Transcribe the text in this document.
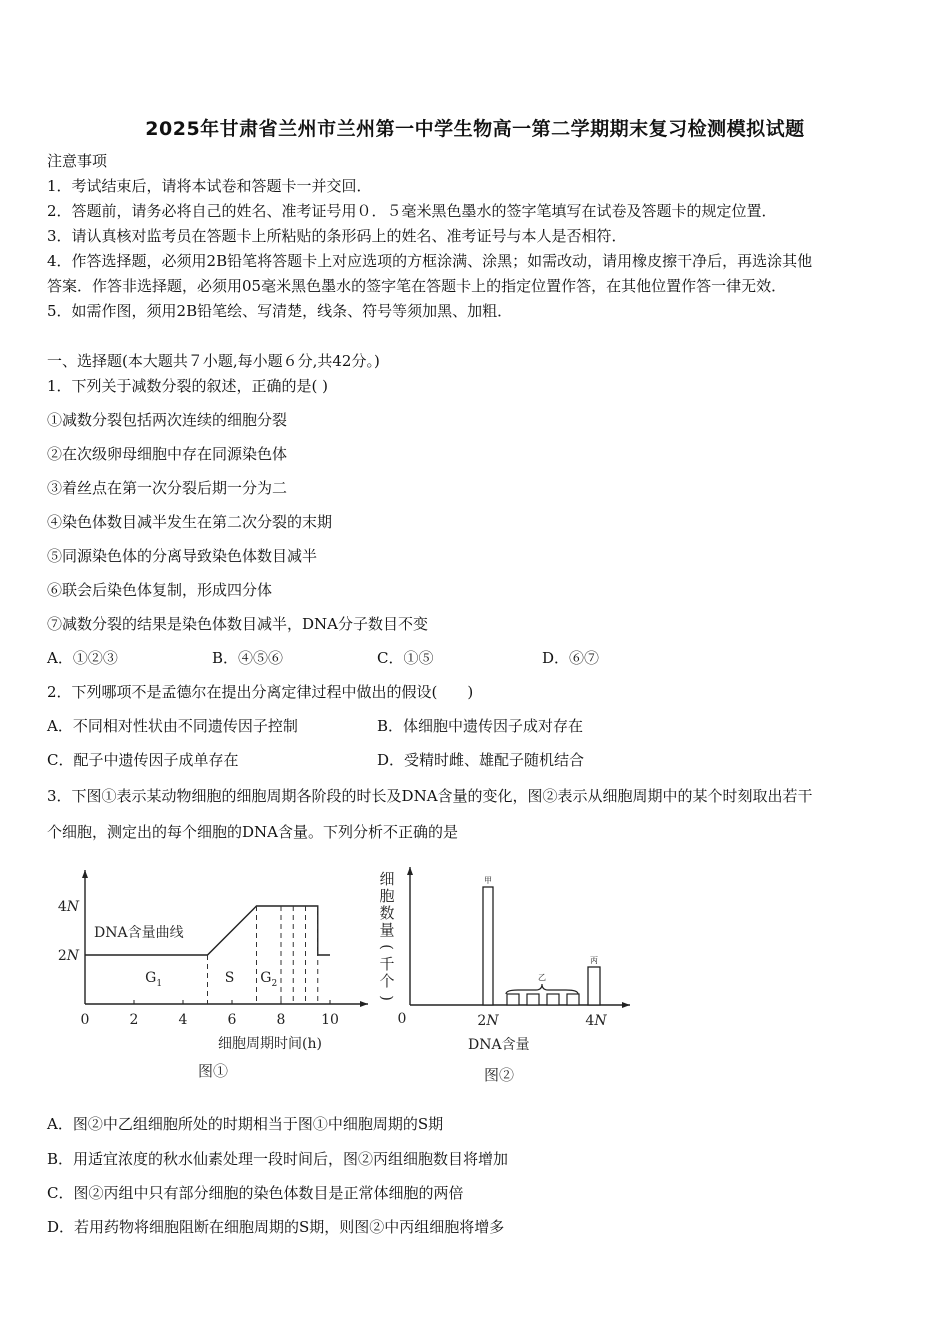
2025年甘肃省兰州市兰州第一中学生物高一第二学期期末复习检测模拟试题
注意事项
1．考试结束后，请将本试卷和答题卡一并交回．
2．答题前，请务必将自己的姓名、准考证号用０．５毫米黑色墨水的签字笔填写在试卷及答题卡的规定位置．
3．请认真核对监考员在答题卡上所粘贴的条形码上的姓名、准考证号与本人是否相符．
4．作答选择题，必须用2B铅笔将答题卡上对应选项的方框涂满、涂黑；如需改动，请用橡皮擦干净后，再选涂其他
答案．作答非选择题，必须用05毫米黑色墨水的签字笔在答题卡上的指定位置作答，在其他位置作答一律无效．
5．如需作图，须用2B铅笔绘、写清楚，线条、符号等须加黑、加粗．
一、选择题(本大题共７小题,每小题６分,共42分。)
1．下列关于减数分裂的叙述，正确的是( )
①减数分裂包括两次连续的细胞分裂
②在次级卵母细胞中存在同源染色体
③着丝点在第一次分裂后期一分为二
④染色体数目减半发生在第二次分裂的末期
⑤同源染色体的分离导致染色体数目减半
⑥联会后染色体复制，形成四分体
⑦减数分裂的结果是染色体数目减半，DNA分子数目不变
A．①②③	B．④⑤⑥	C．①⑤	D．⑥⑦
2．下列哪项不是孟德尔在提出分离定律过程中做出的假设(　　)
A．不同相对性状由不同遗传因子控制	B．体细胞中遗传因子成对存在
C．配子中遗传因子成单存在	D．受精时雌、雄配子随机结合
3．下图①表示某动物细胞的细胞周期各阶段的时长及DNA含量的变化，图②表示从细胞周期中的某个时刻取出若干
个细胞，测定出的每个细胞的DNA含量。下列分析不正确的是
0	2	4	6	8	10
2N
4N
$G_1$	S $G_2$
DNA含量曲线
细胞周期时间(h)
图①
0	2N	4N
细
胞
数
量
(
千
个
)
甲
乙
丙
DNA含量
图②
A．图②中乙组细胞所处的时期相当于图①中细胞周期的S期
B．用适宜浓度的秋水仙素处理一段时间后，图②丙组细胞数目将增加
C．图②丙组中只有部分细胞的染色体数目是正常体细胞的两倍
D．若用药物将细胞阻断在细胞周期的S期，则图②中丙组细胞将增多
